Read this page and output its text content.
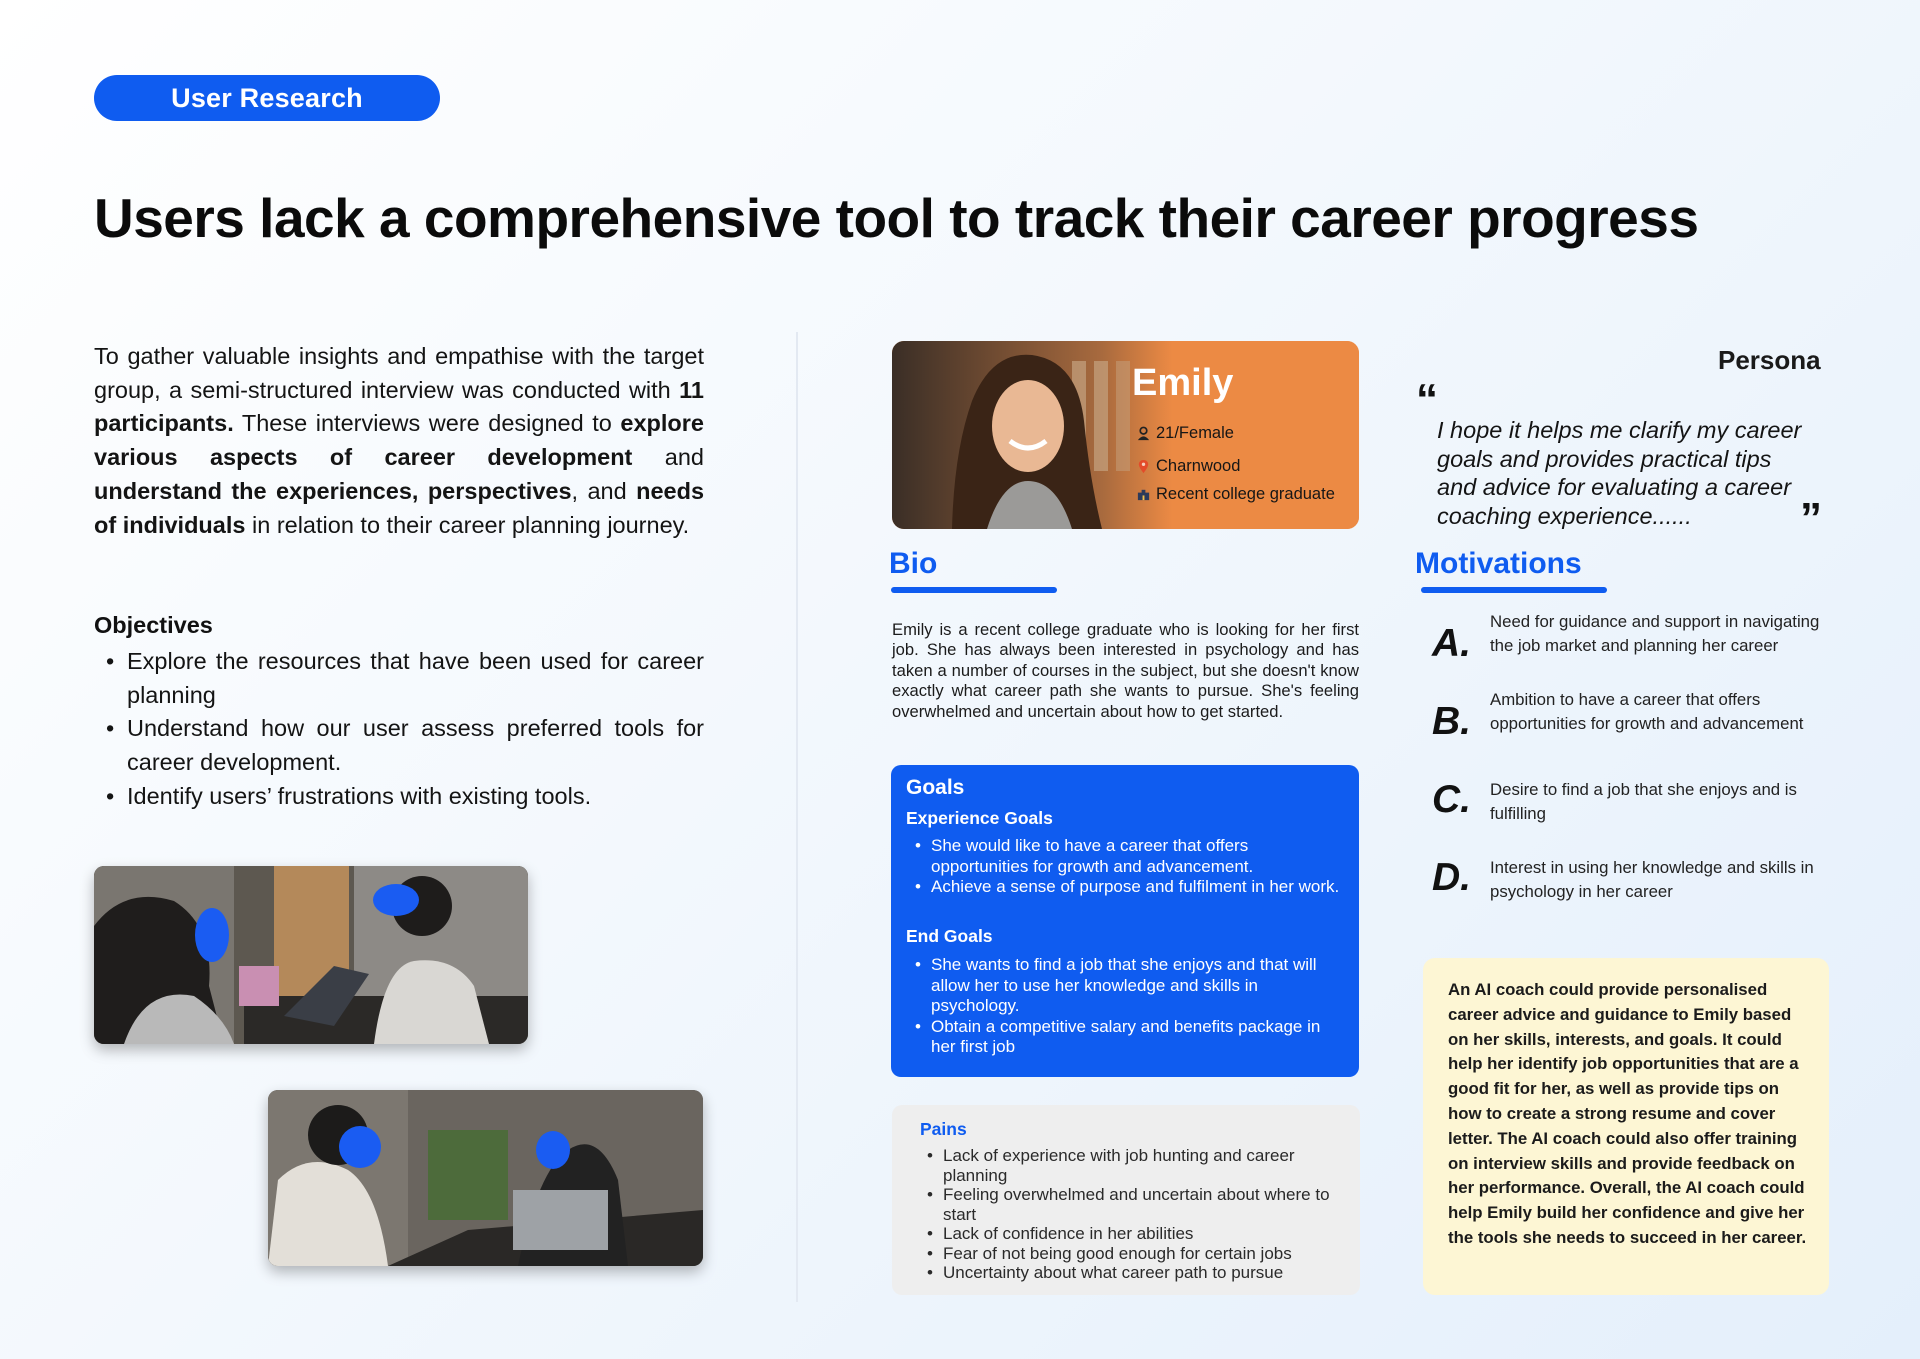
User Research
Users lack a comprehensive tool to track their career progress
To gather valuable insights and empathise with the target group, a semi-structured interview was conducted with 11 participants. These interviews were designed to explore various aspects of career development and understand the experiences, perspectives, and needs of individuals in relation to their career planning journey.
Objectives
• Explore the resources that have been used for career planning
• Understand how our user assess preferred tools for career development.
• Identify users’ frustrations with existing tools.
Emily
21/Female
Charnwood
Recent college graduate
Bio
Emily is a recent college graduate who is looking for her first job. She has always been interested in psychology and has taken a number of courses in the subject, but she doesn't know exactly what career path she wants to pursue. She's feeling overwhelmed and uncertain about how to get started.
Goals
Experience Goals
• She would like to have a career that offers opportunities for growth and advancement.
• Achieve a sense of purpose and fulfilment in her work.
End Goals
• She wants to find a job that she enjoys and that will allow her to use her knowledge and skills in psychology.
• Obtain a competitive salary and benefits package in her first job
Pains
• Lack of experience with job hunting and career planning
• Feeling overwhelmed and uncertain about where to start
• Lack of confidence in her abilities
• Fear of not being good enough for certain jobs
• Uncertainty about what career path to pursue
Persona
“
I hope it helps me clarify my career goals and provides practical tips and advice for evaluating a career coaching experience......	”
Motivations
A.
Need for guidance and support in navigating the job market and planning her career
B.
Ambition to have a career that offers opportunities for growth and advancement
C. Desire to find a job that she enjoys and is fulfilling
D. Interest in using her knowledge and skills in psychology in her career
An AI coach could provide personalised career advice and guidance to Emily based on her skills, interests, and goals. It could help her identify job opportunities that are a good fit for her, as well as provide tips on how to create a strong resume and cover letter. The AI coach could also offer training on interview skills and provide feedback on her performance. Overall, the AI coach could help Emily build her confidence and give her the tools she needs to succeed in her career.
